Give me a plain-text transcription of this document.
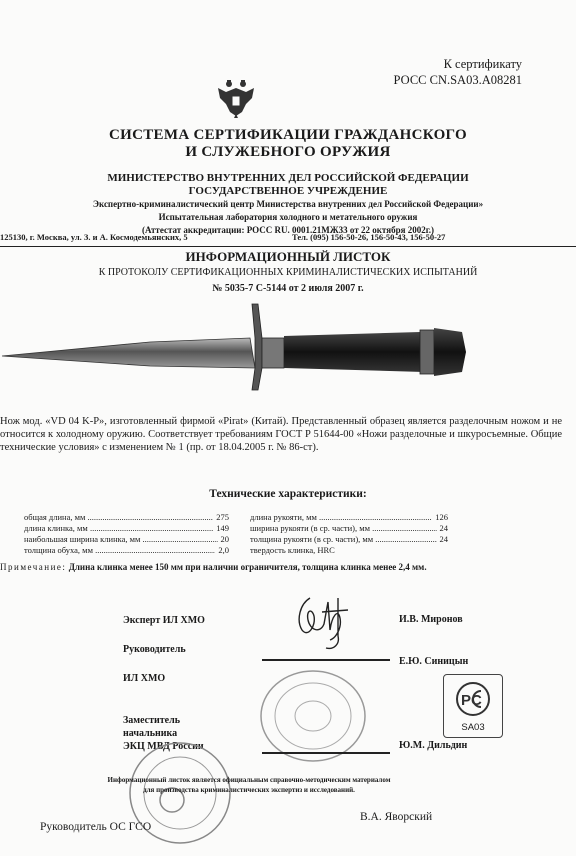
К сертификату
РОСС CN.SA03.A08281
СИСТЕМА СЕРТИФИКАЦИИ ГРАЖДАНСКОГО
И СЛУЖЕБНОГО ОРУЖИЯ
МИНИСТЕРСТВО ВНУТРЕННИХ ДЕЛ РОССИЙСКОЙ ФЕДЕРАЦИИ
ГОСУДАРСТВЕННОЕ УЧРЕЖДЕНИЕ
Экспертно-криминалистический центр Министерства внутренних дел Российской Федерации»
Испытательная лаборатория холодного и метательного оружия
(Аттестат аккредитации: РОСС RU. 0001.21МЖ33 от 22 октября 2002г.)
125130, г. Москва, ул. З. и А. Космодемьянских, 5	Тел. (095) 156-50-26, 156-50-43, 156-50-27
ИНФОРМАЦИОННЫЙ ЛИСТОК
К ПРОТОКОЛУ СЕРТИФИКАЦИОННЫХ КРИМИНАЛИСТИЧЕСКИХ ИСПЫТАНИЙ
№ 5035-7 С-5144 от 2 июля 2007 г.
Нож мод. «VD 04 K-P», изготовленный фирмой «Pirat» (Китай). Представленный образец является разделочным ножом и не относится к холодному оружию. Соответствует требованиям ГОСТ Р 51644-00 «Ножи разделочные и шкуросъемные. Общие технические условия» с изменением № 1 (пр. от 18.04.2005 г. № 86-ст).
Технические характеристики:
общая длина, мм .....	275
длина клинка, мм .....	149
наибольшая ширина клинка, мм .....	20
толщина обуха, мм .....	2,0
длина рукояти, мм .....	126
ширина рукояти (в ср. части), мм .....	24
толщина рукояти (в ср. части), мм .....	24
твердость клинка, HRC
Примечание: Длина клинка менее 150 мм при наличии ограничителя, толщина клинка менее 2,4 мм.
Эксперт ИЛ ХМО	И.В. Миронов
Руководитель
ИЛ ХМО
Е.Ю. Синицын
PC
SA03
Заместитель
начальника
ЭКЦ МВД России	Ю.М. Дильдин
Информационный листок является официальным справочно-методическим материалом
для производства криминалистических экспертиз и исследований.
Руководитель ОС ГСО
В.А. Яворский
